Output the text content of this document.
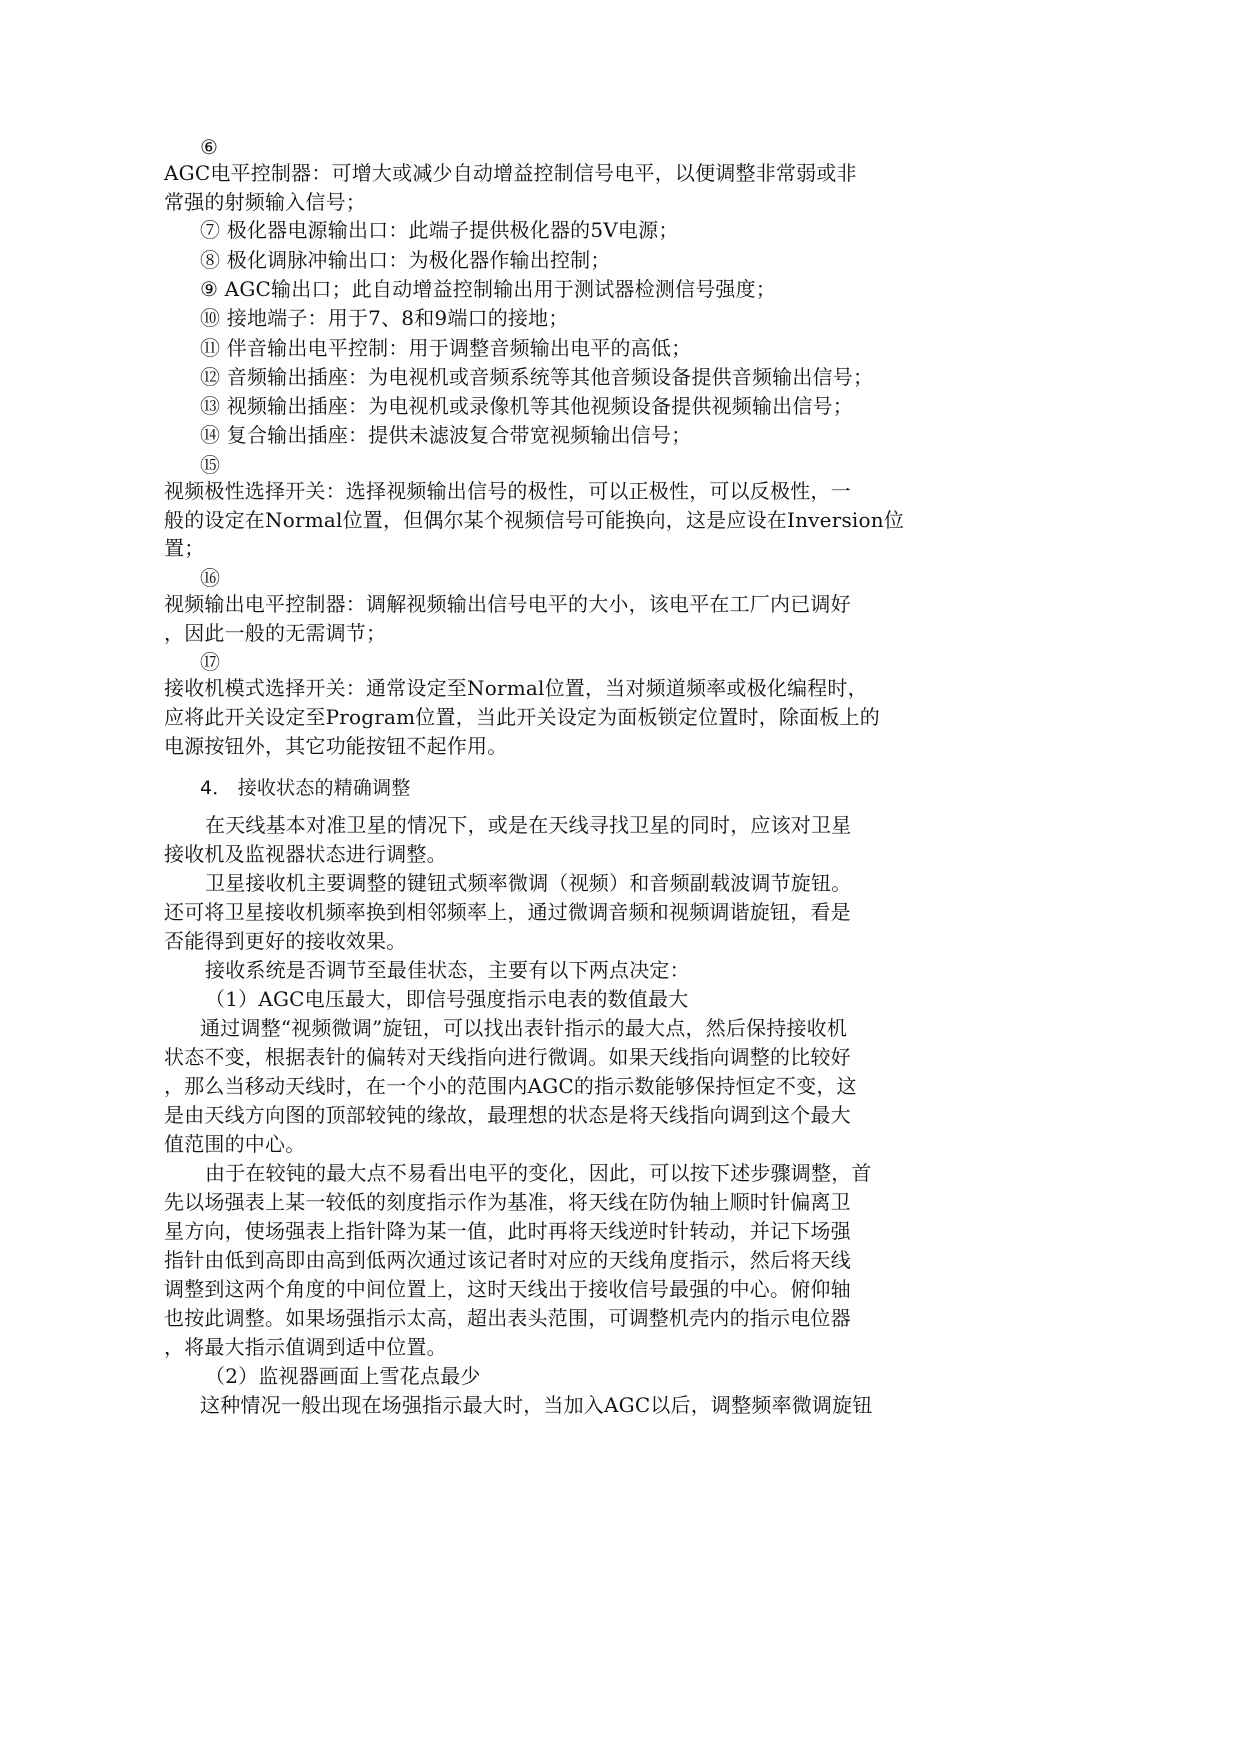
⑥
AGC电平控制器：可增大或减少自动增益控制信号电平，以便调整非常弱或非
常强的射频输入信号；
⑦ 极化器电源输出口：此端子提供极化器的5V电源；
⑧ 极化调脉冲输出口：为极化器作输出控制；
⑨ AGC输出口；此自动增益控制输出用于测试器检测信号强度；
⑩ 接地端子：用于7、8和9端口的接地；
⑪ 伴音输出电平控制：用于调整音频输出电平的高低；
⑫ 音频输出插座：为电视机或音频系统等其他音频设备提供音频输出信号；
⑬ 视频输出插座：为电视机或录像机等其他视频设备提供视频输出信号；
⑭ 复合输出插座：提供未滤波复合带宽视频输出信号；
⑮
视频极性选择开关：选择视频输出信号的极性，可以正极性，可以反极性，一
般的设定在Normal位置，但偶尔某个视频信号可能换向，这是应设在Inversion位
置；
⑯
视频输出电平控制器：调解视频输出信号电平的大小，该电平在工厂内已调好
，因此一般的无需调节；
⑰
接收机模式选择开关：通常设定至Normal位置，当对频道频率或极化编程时，
应将此开关设定至Program位置，当此开关设定为面板锁定位置时，除面板上的
电源按钮外，其它功能按钮不起作用。
4． 接收状态的精确调整
在天线基本对准卫星的情况下，或是在天线寻找卫星的同时，应该对卫星
接收机及监视器状态进行调整。
卫星接收机主要调整的键钮式频率微调（视频）和音频副载波调节旋钮。
还可将卫星接收机频率换到相邻频率上，通过微调音频和视频调谐旋钮，看是
否能得到更好的接收效果。
接收系统是否调节至最佳状态，主要有以下两点决定：
（1）AGC电压最大，即信号强度指示电表的数值最大
通过调整“视频微调”旋钮，可以找出表针指示的最大点，然后保持接收机
状态不变，根据表针的偏转对天线指向进行微调。如果天线指向调整的比较好
，那么当移动天线时，在一个小的范围内AGC的指示数能够保持恒定不变，这
是由天线方向图的顶部较钝的缘故，最理想的状态是将天线指向调到这个最大
值范围的中心。
由于在较钝的最大点不易看出电平的变化，因此，可以按下述步骤调整，首
先以场强表上某一较低的刻度指示作为基准，将天线在防伪轴上顺时针偏离卫
星方向，使场强表上指针降为某一值，此时再将天线逆时针转动，并记下场强
指针由低到高即由高到低两次通过该记者时对应的天线角度指示，然后将天线
调整到这两个角度的中间位置上，这时天线出于接收信号最强的中心。俯仰轴
也按此调整。如果场强指示太高，超出表头范围，可调整机壳内的指示电位器
，将最大指示值调到适中位置。
（2）监视器画面上雪花点最少
这种情况一般出现在场强指示最大时，当加入AGC以后，调整频率微调旋钮
